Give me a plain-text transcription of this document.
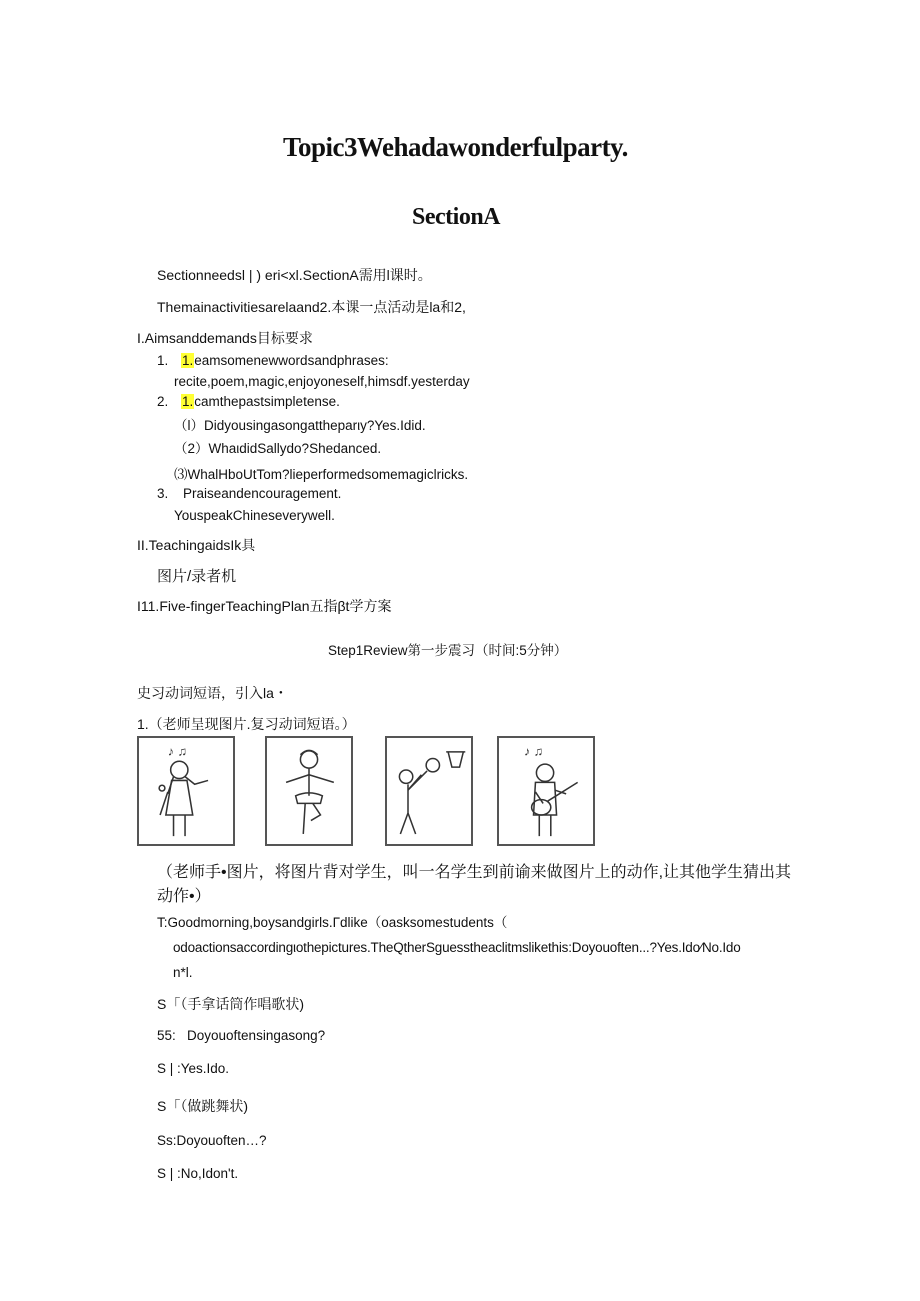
Topic3Wehadawonderfulparty.
SectionA
Sectionneedsl | ) eri<xl.SectionA需用l课时。
Themainactivitiesarelaand2.本课一点活动是la和2,
I.Aimsanddemands目标要求
1. 1.eamsomenewwordsandphrases:
recite,poem,magic,enjoyoneself,himsdf.yesterday
2. 1.camthepastsimpletense.
（l）Didyousingasongattheparιy?Yes.Idid.
（2）WhaιdidSallydo?Shedanced.
⑶WhalHboUtTom?lieperformedsomemagiclricks.
3. Praiseandencouragement.
YouspeakChineseverywell.
II.TeachingaidsIk具
图片/录者机
I11.Five-fingerTeachingPlan五指βt学方案
Step1Review第一步震习（时间:5分钟）
史习动词短语，引入la・
1.（老师呈现图片.复习动词短语。）
♪ ♫	♪ ♫
（老师手•图片，将图片背对学生，叫一名学生到前谕来做图片上的动作,让其他学生猜出其
动作•）
T:Goodmorning,boysandgirls.Γdlike（oasksomestudents（
odoactionsaccordingιothepictures.TheQtherSguesstheaclitmslikethis:Doyouoften...?Yes.Ido∕No.Ido
n*l.
S「（手拿话筒作唱歌状)
55:   Doyouoftensingasong?
S | :Yes.Ido.
S「（做跳舞状)
Ss:Doyouoften…?
S | :No,Idon't.
